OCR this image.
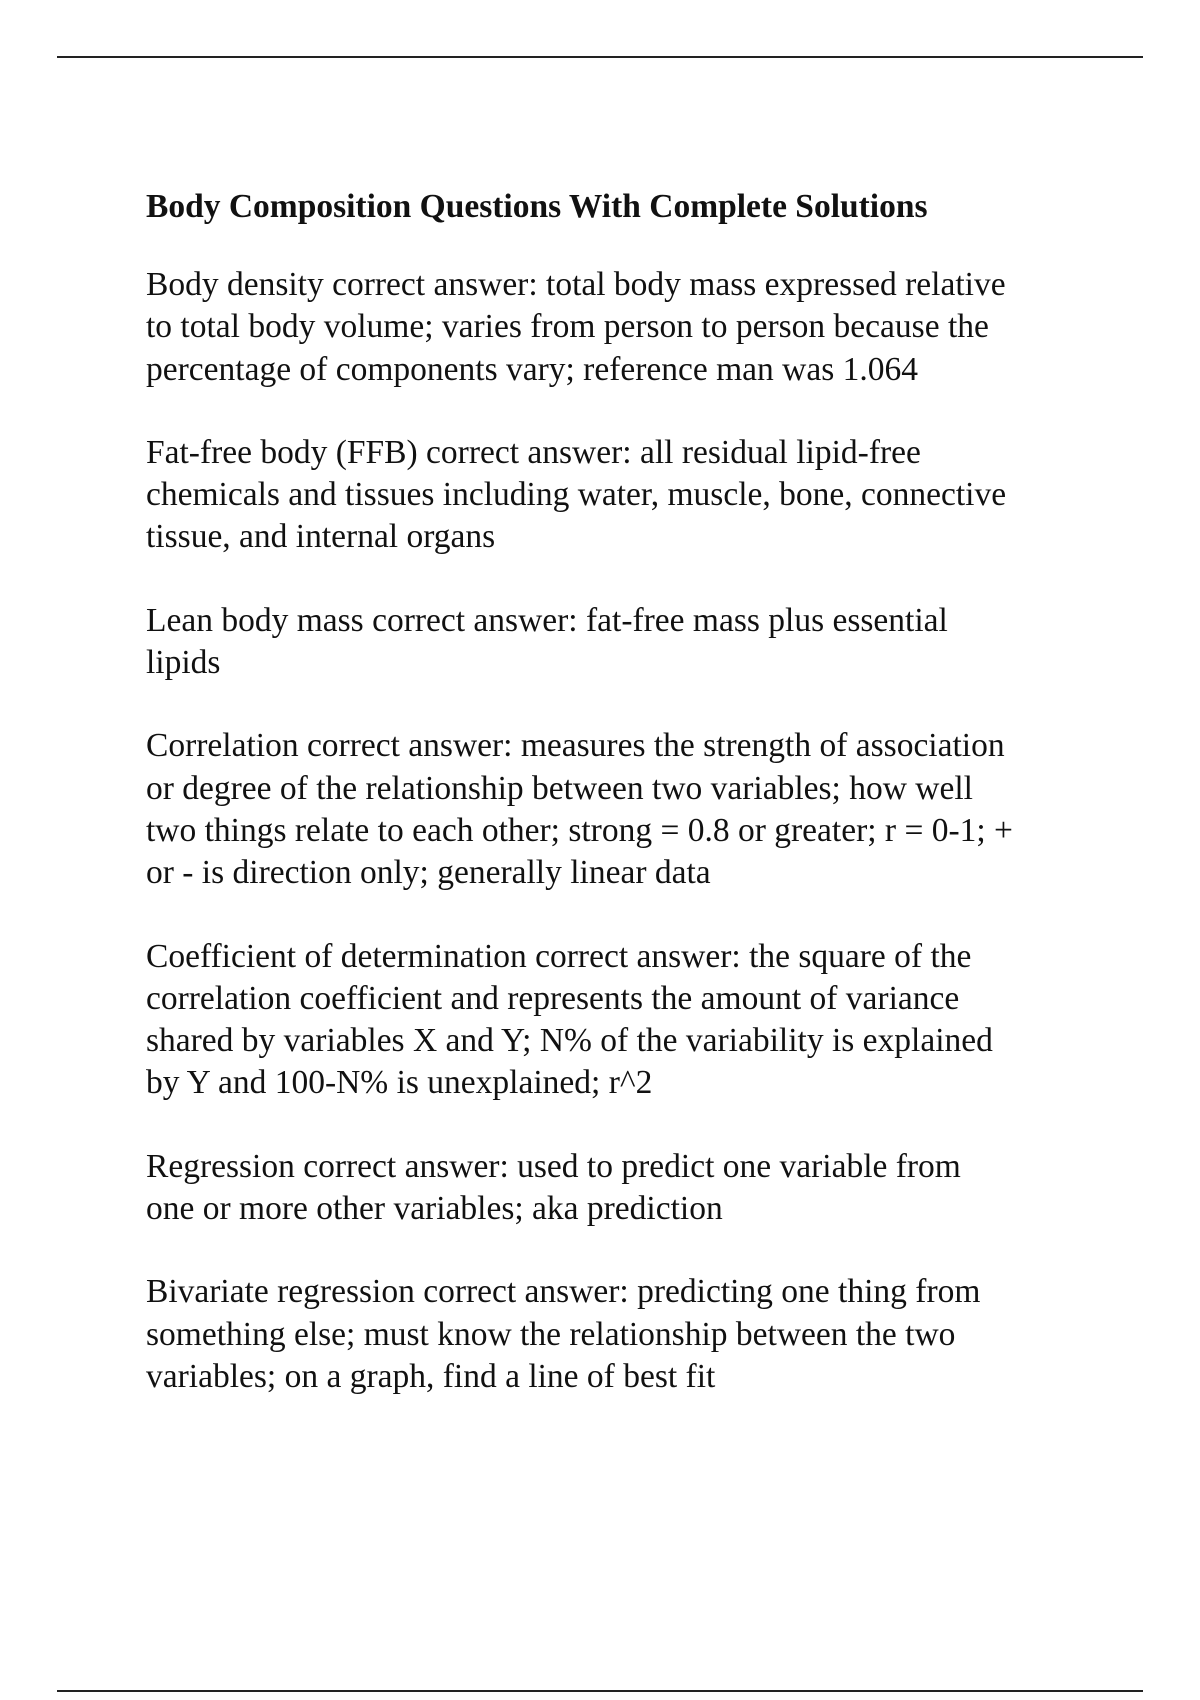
Body Composition Questions With Complete Solutions
Body density correct answer: total body mass expressed relative
to total body volume; varies from person to person because the
percentage of components vary; reference man was 1.064
Fat-free body (FFB) correct answer: all residual lipid-free
chemicals and tissues including water, muscle, bone, connective
tissue, and internal organs
Lean body mass correct answer: fat-free mass plus essential
lipids
Correlation correct answer: measures the strength of association
or degree of the relationship between two variables; how well
two things relate to each other; strong = 0.8 or greater; r = 0-1; +
or - is direction only; generally linear data
Coefficient of determination correct answer: the square of the
correlation coefficient and represents the amount of variance
shared by variables X and Y; N% of the variability is explained
by Y and 100-N% is unexplained; r^2
Regression correct answer: used to predict one variable from
one or more other variables; aka prediction
Bivariate regression correct answer: predicting one thing from
something else; must know the relationship between the two
variables; on a graph, find a line of best fit
